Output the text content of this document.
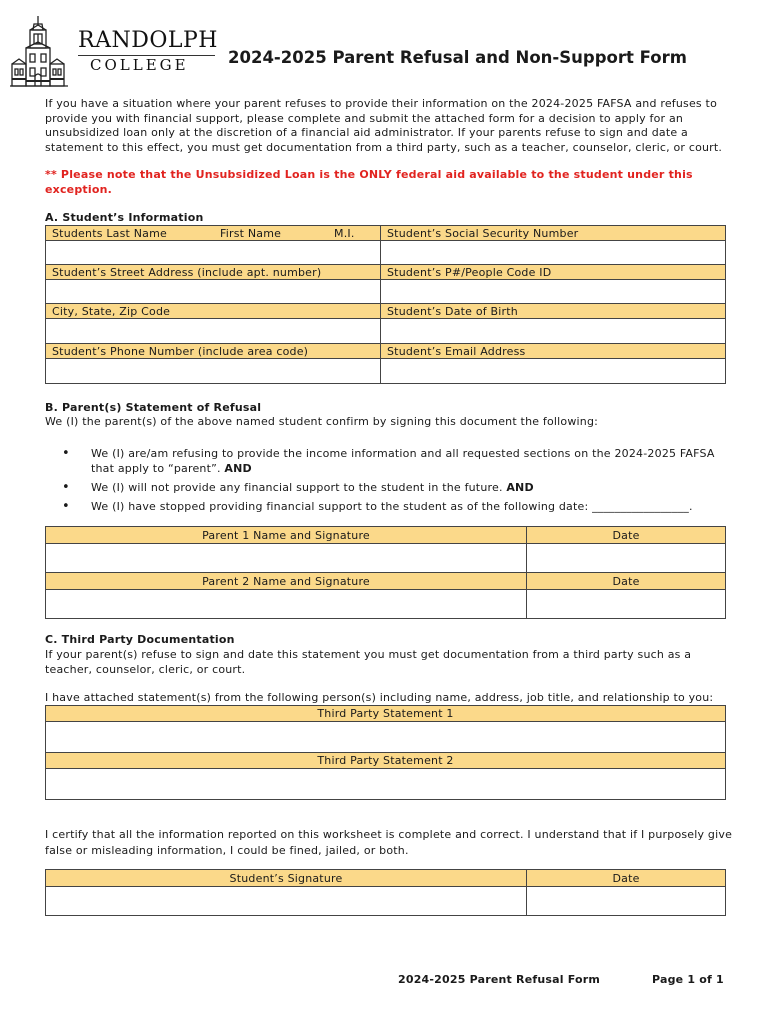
RANDOLPH
COLLEGE 2024-2025 Parent Refusal and Non-Support Form
If you have a situation where your parent refuses to provide their information on the 2024-2025 FAFSA and refuses to provide you with financial support, please complete and submit the attached form for a decision to apply for an unsubsidized loan only at the discretion of a financial aid administrator. If your parents refuse to sign and date a statement to this effect, you must get documentation from a third party, such as a teacher, counselor, cleric, or court.
** Please note that the Unsubsidized Loan is the ONLY federal aid available to the student under this exception.
A. Student’s Information
Students Last Name First Name M.I.	Student’s Social Security Number

Student’s Street Address (include apt. number)	Student’s P#/People Code ID

City, State, Zip Code	Student’s Date of Birth

Student’s Phone Number (include area code)	Student’s Email Address

B. Parent(s) Statement of Refusal
We (I) the parent(s) of the above named student confirm by signing this document the following:
•	We (I) are/am refusing to provide the income information and all requested sections on the 2024-2025 FAFSA that apply to “parent”. AND
•	We (I) will not provide any financial support to the student in the future. AND
•	We (I) have stopped providing financial support to the student as of the following date: _________________.
Parent 1 Name and Signature	Date

Parent 2 Name and Signature	Date

C. Third Party Documentation
If your parent(s) refuse to sign and date this statement you must get documentation from a third party such as a teacher, counselor, cleric, or court.
I have attached statement(s) from the following person(s) including name, address, job title, and relationship to you:
Third Party Statement 1

Third Party Statement 2

I certify that all the information reported on this worksheet is complete and correct. I understand that if I purposely give false or misleading information, I could be fined, jailed, or both.
Student’s Signature	Date

2024-2025 Parent Refusal Form	Page 1 of 1
